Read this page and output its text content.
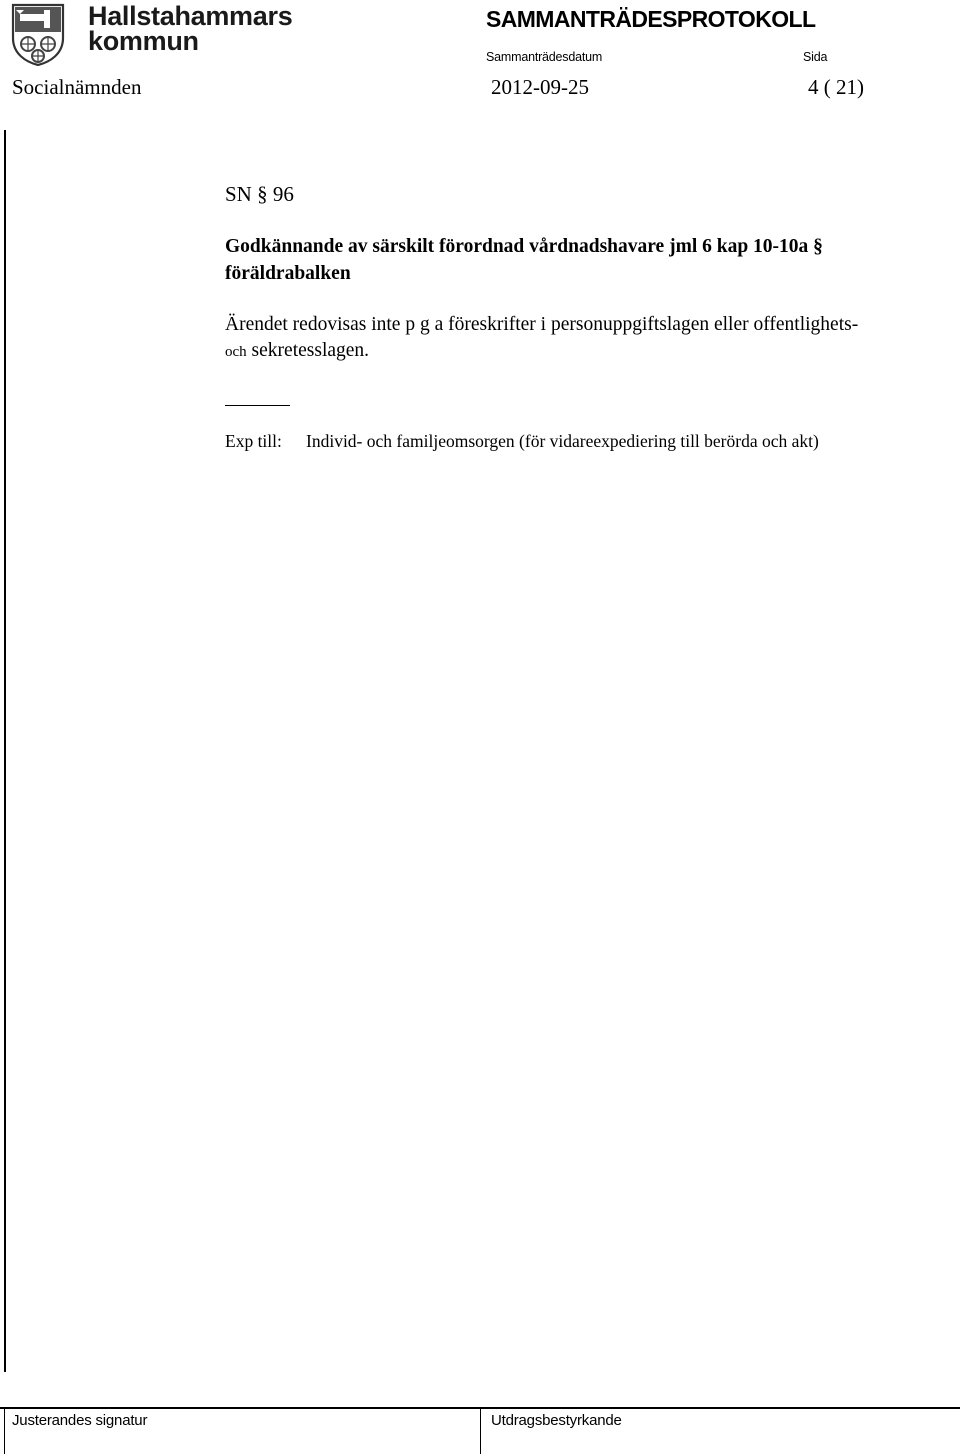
Hallstahammars
kommun
SAMMANTRÄDESPROTOKOLL
Sammanträdesdatum	Sida
Socialnämnden	2012-09-25	4 ( 21)
SN § 96
Godkännande av särskilt förordnad vårdnadshavare jml 6 kap 10-10a § föräldrabalken
Ärendet redovisas inte p g a föreskrifter i personuppgiftslagen eller offentlighets-
och sekretesslagen.
Exp till: Individ- och familjeomsorgen (för vidareexpediering till berörda och akt)
Justerandes signatur	Utdragsbestyrkande
